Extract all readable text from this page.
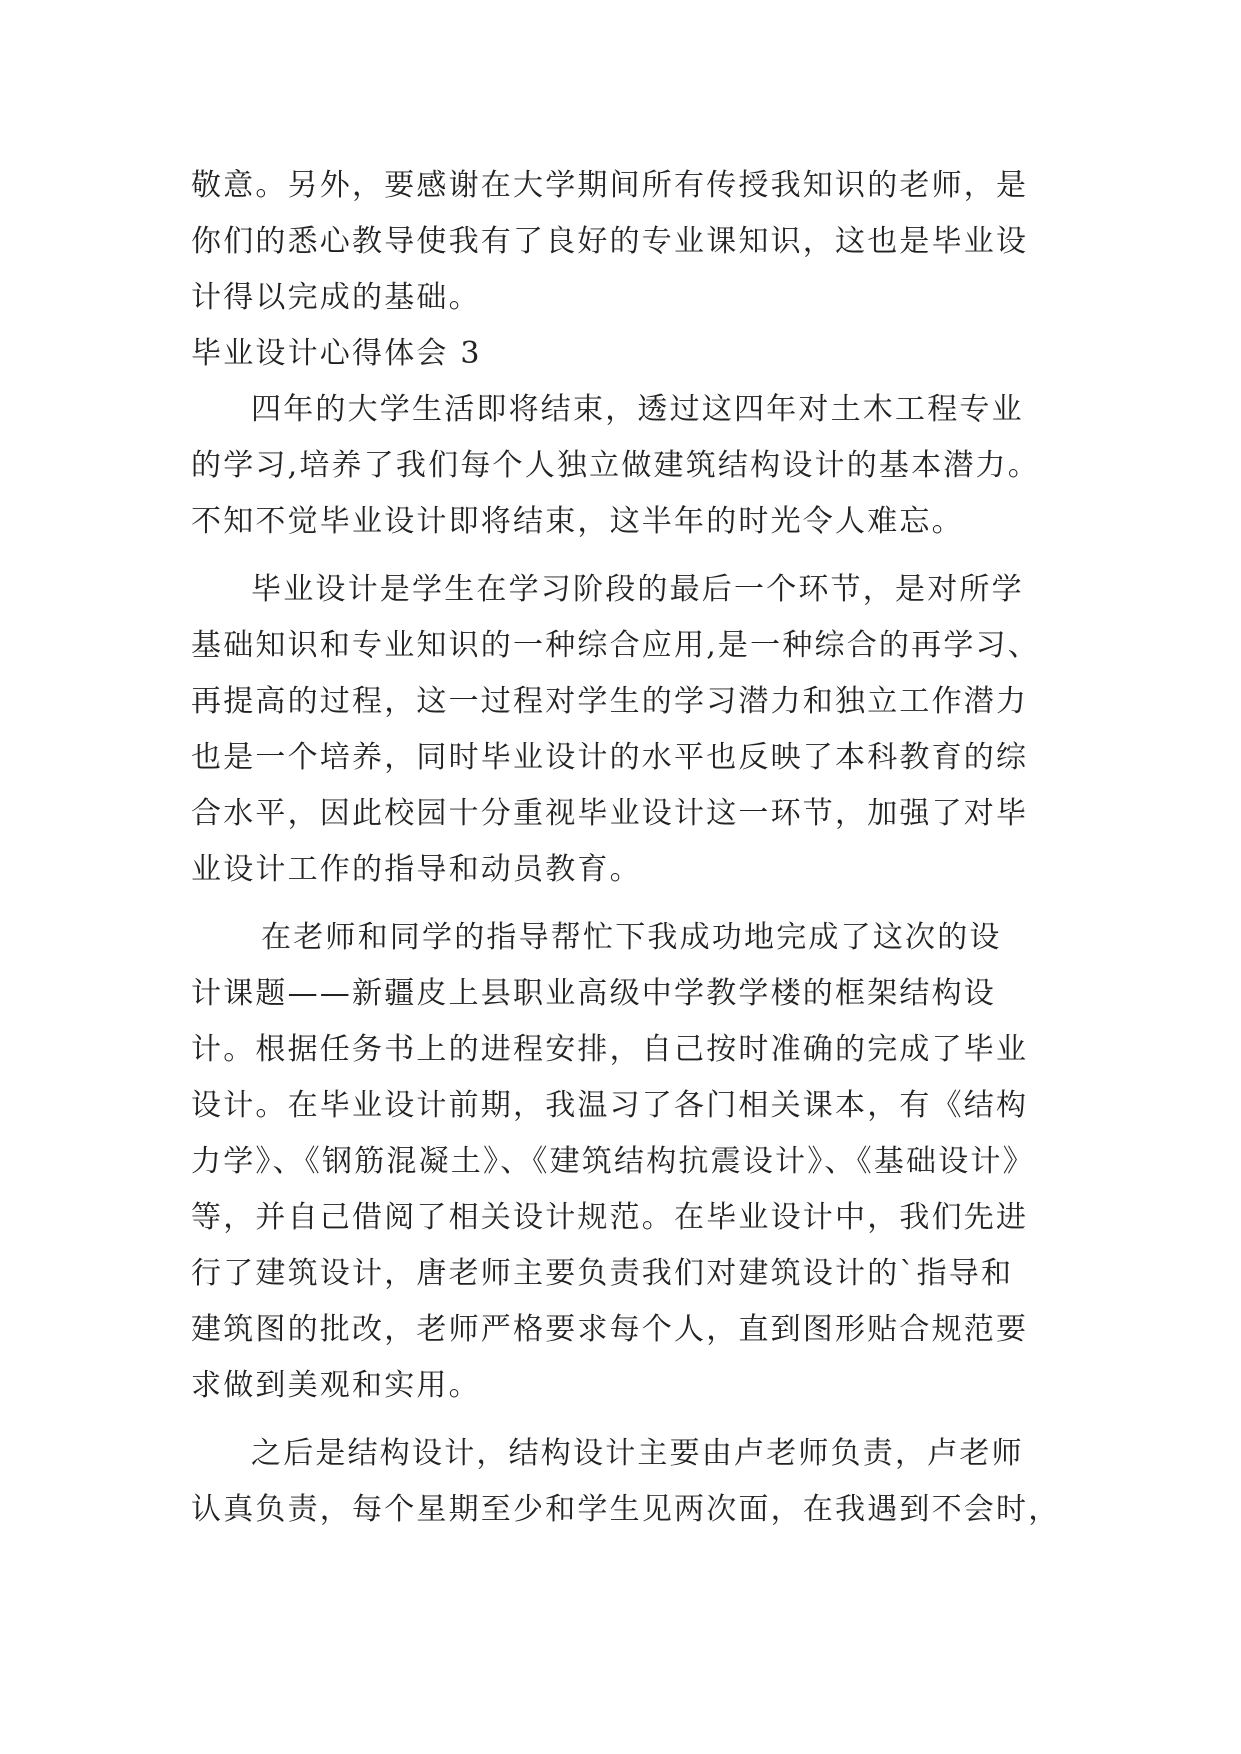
敬意。另外，要感谢在大学期间所有传授我知识的老师，是
你们的悉心教导使我有了良好的专业课知识，这也是毕业设
计得以完成的基础。
毕业设计心得体会 3
四年的大学生活即将结束，透过这四年对土木工程专业
的学习,培养了我们每个人独立做建筑结构设计的基本潜力。
不知不觉毕业设计即将结束，这半年的时光令人难忘。
毕业设计是学生在学习阶段的最后一个环节，是对所学
基础知识和专业知识的一种综合应用,是一种综合的再学习、
再提高的过程，这一过程对学生的学习潜力和独立工作潜力
也是一个培养，同时毕业设计的水平也反映了本科教育的综
合水平，因此校园十分重视毕业设计这一环节，加强了对毕
业设计工作的指导和动员教育。
在老师和同学的指导帮忙下我成功地完成了这次的设
计课题——新疆皮上县职业高级中学教学楼的框架结构设
计。根据任务书上的进程安排，自己按时准确的完成了毕业
设计。在毕业设计前期，我温习了各门相关课本，有《结构
力学》、《钢筋混凝土》、《建筑结构抗震设计》、《基础设计》
等，并自己借阅了相关设计规范。在毕业设计中，我们先进
行了建筑设计，唐老师主要负责我们对建筑设计的`指导和
建筑图的批改，老师严格要求每个人，直到图形贴合规范要
求做到美观和实用。
之后是结构设计，结构设计主要由卢老师负责，卢老师
认真负责，每个星期至少和学生见两次面，在我遇到不会时，
